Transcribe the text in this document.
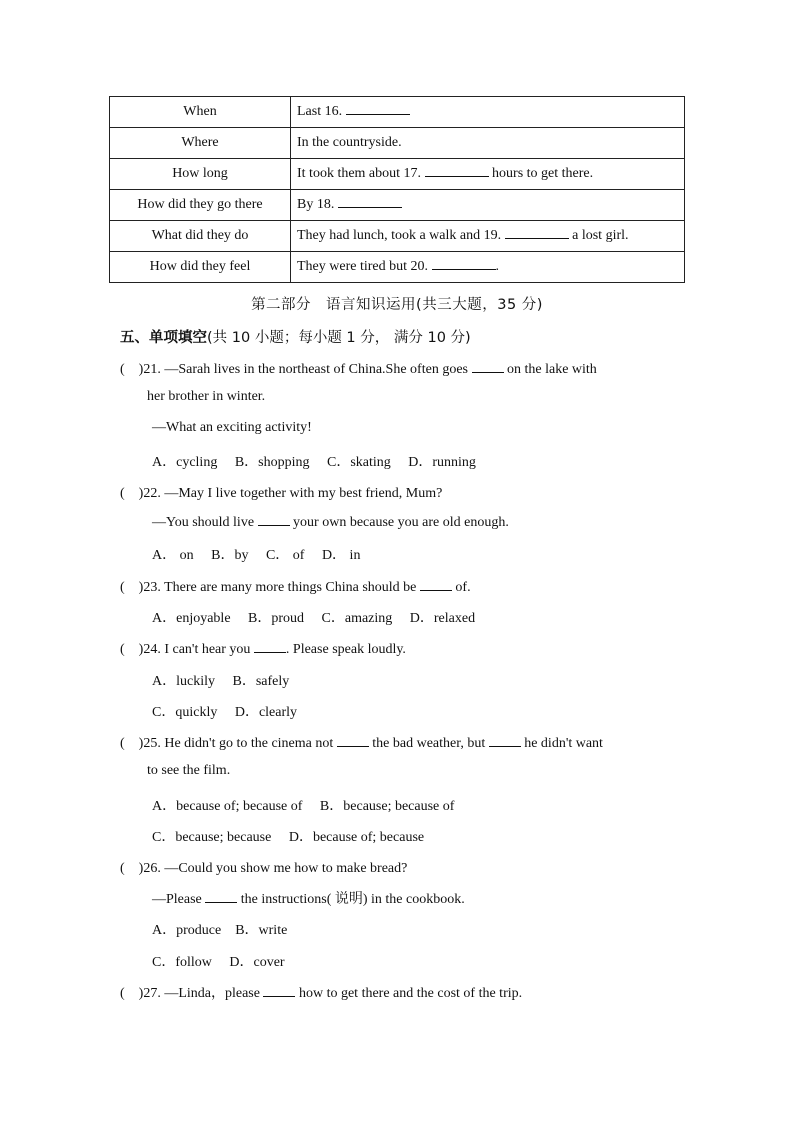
When	Last 16.
Where	In the countryside.
How long	It took them about 17. hours to get there.
How did they go there	By 18.
What did they do	They had lunch, took a walk and 19. a lost girl.
How did they feel	They were tired but 20. .
第二部分　语言知识运用(共三大题，35 分)
五、单项填空(共 10 小题；每小题 1 分， 满分 10 分)
(　)21. —Sarah lives in the northeast of China.She often goes  on the lake with
her brother in winter.
—What an exciting activity!
A．cycling　 B．shopping　 C．skating　 D．running
(　)22. —May I live together with my best friend, Mum?
—You should live  your own because you are old enough.
A． on　 B．by　 C． of　 D． in
(　)23. There are many more things China should be  of.
A．enjoyable　 B．proud　 C．amazing　 D．relaxed
(　)24. I can't hear you . Please speak loudly.
A．luckily　 B．safely
C．quickly　 D．clearly
(　)25. He didn't go to the cinema not  the bad weather, but  he didn't want
to see the film.
A．because of; because of　 B．because; because of
C．because; because　 D．because of; because
(　)26. —Could you show me how to make bread?
—Please  the instructions( 说明) in the cookbook.
A．produce　B．write
C．follow　 D．cover
(　)27. —Linda，please  how to get there and the cost of the trip.
